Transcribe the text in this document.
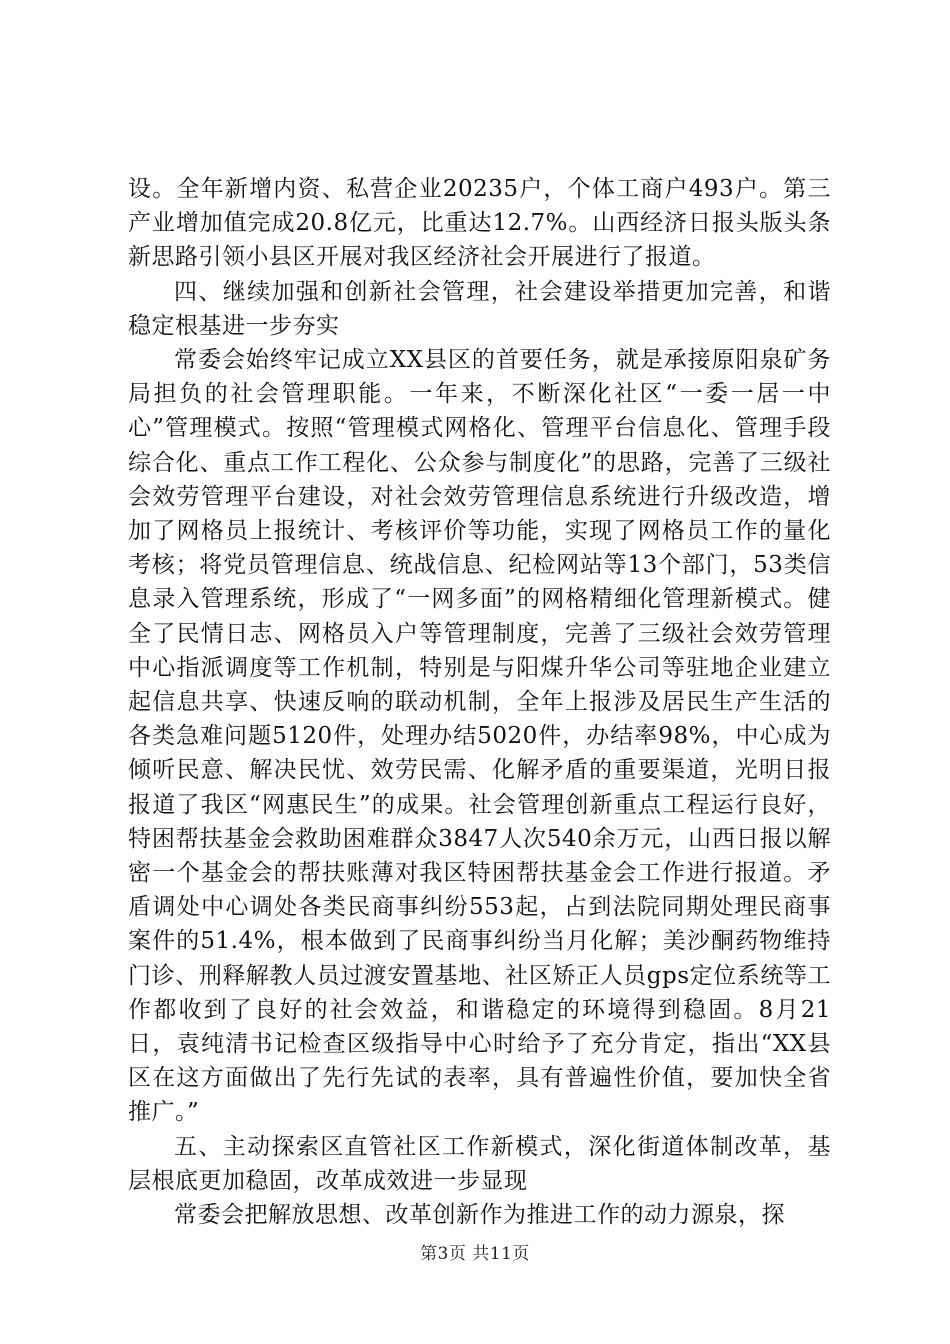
设。全年新增内资、私营企业20235户，个体工商户493户。第三产业增加值完成20.8亿元，比重达12.7%。山西经济日报头版头条新思路引领小县区开展对我区经济社会开展进行了报道。

四、继续加强和创新社会管理，社会建设举措更加完善，和谐稳定根基进一步夯实

常委会始终牢记成立XX县区的首要任务，就是承接原阳泉矿务局担负的社会管理职能。一年来，不断深化社区“一委一居一中心”管理模式。按照“管理模式网格化、管理平台信息化、管理手段综合化、重点工作工程化、公众参与制度化”的思路，完善了三级社会效劳管理平台建设，对社会效劳管理信息系统进行升级改造，增加了网格员上报统计、考核评价等功能，实现了网格员工作的量化考核；将党员管理信息、统战信息、纪检网站等13个部门，53类信息录入管理系统，形成了“一网多面”的网格精细化管理新模式。健全了民情日志、网格员入户等管理制度，完善了三级社会效劳管理中心指派调度等工作机制，特别是与阳煤升华公司等驻地企业建立起信息共享、快速反响的联动机制，全年上报涉及居民生产生活的各类急难问题5120件，处理办结5020件，办结率98%，中心成为倾听民意、解决民忧、效劳民需、化解矛盾的重要渠道，光明日报报道了我区“网惠民生”的成果。社会管理创新重点工程运行良好，特困帮扶基金会救助困难群众3847人次540余万元，山西日报以解密一个基金会的帮扶账薄对我区特困帮扶基金会工作进行报道。矛盾调处中心调处各类民商事纠纷553起，占到法院同期处理民商事案件的51.4%，根本做到了民商事纠纷当月化解；美沙酮药物维持门诊、刑释解教人员过渡安置基地、社区矫正人员gps定位系统等工作都收到了良好的社会效益，和谐稳定的环境得到稳固。8月21日，袁纯清书记检查区级指导中心时给予了充分肯定，指出“XX县区在这方面做出了先行先试的表率，具有普遍性价值，要加快全省推广。”

五、主动探索区直管社区工作新模式，深化街道体制改革，基层根底更加稳固，改革成效进一步显现

常委会把解放思想、改革创新作为推进工作的动力源泉，探

第3页 共11页
